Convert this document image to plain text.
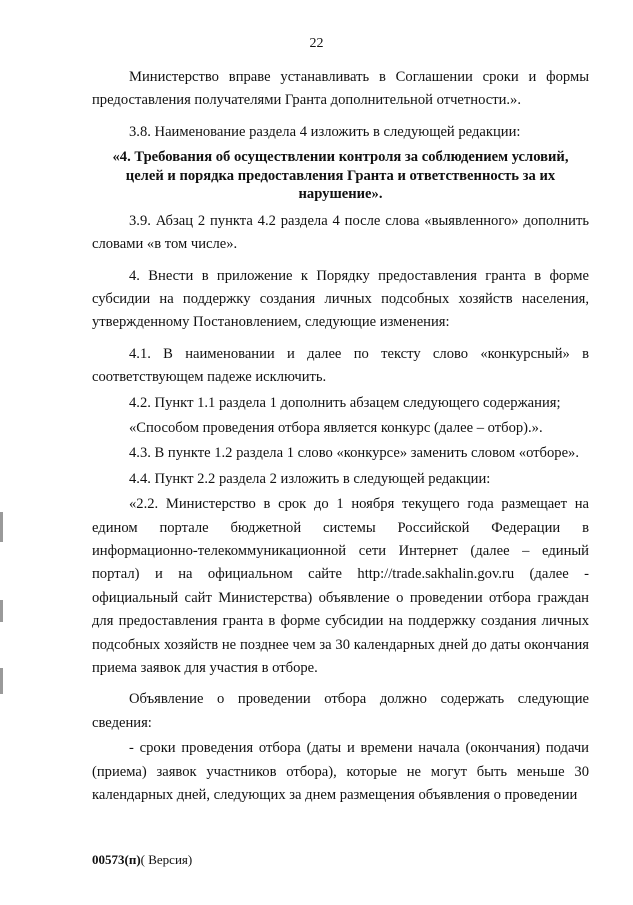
22

Министерство вправе устанавливать в Соглашении сроки и формы предоставления получателями Гранта дополнительной отчетности.».

3.8. Наименование раздела 4 изложить в следующей редакции:

«4. Требования об осуществлении контроля за соблюдением условий, целей и порядка предоставления Гранта и ответственность за их нарушение».

3.9. Абзац 2 пункта 4.2 раздела 4 после слова «выявленного» дополнить словами «в том числе».

4. Внести в приложение к Порядку предоставления гранта в форме субсидии на поддержку создания личных подсобных хозяйств населения, утвержденному Постановлением, следующие изменения:

4.1. В наименовании и далее по тексту слово «конкурсный» в соответствующем падеже исключить.

4.2. Пункт 1.1 раздела 1 дополнить абзацем следующего содержания;

«Способом проведения отбора является конкурс (далее – отбор).».

4.3. В пункте 1.2 раздела 1 слово «конкурсе» заменить словом «отборе».

4.4. Пункт 2.2 раздела 2 изложить в следующей редакции:

«2.2. Министерство в срок до 1 ноября текущего года размещает на едином портале бюджетной системы Российской Федерации в информационно-телекоммуникационной сети Интернет (далее – единый портал) и на официальном сайте http://trade.sakhalin.gov.ru (далее - официальный сайт Министерства) объявление о проведении отбора граждан для предоставления гранта в форме субсидии на поддержку создания личных подсобных хозяйств не позднее чем за 30 календарных дней до даты окончания приема заявок для участия в отборе.

Объявление о проведении отбора должно содержать следующие сведения:

- сроки проведения отбора (даты и времени начала (окончания) подачи (приема) заявок участников отбора), которые не могут быть меньше 30 календарных дней, следующих за днем размещения объявления о проведении

00573(п)( Версия)
